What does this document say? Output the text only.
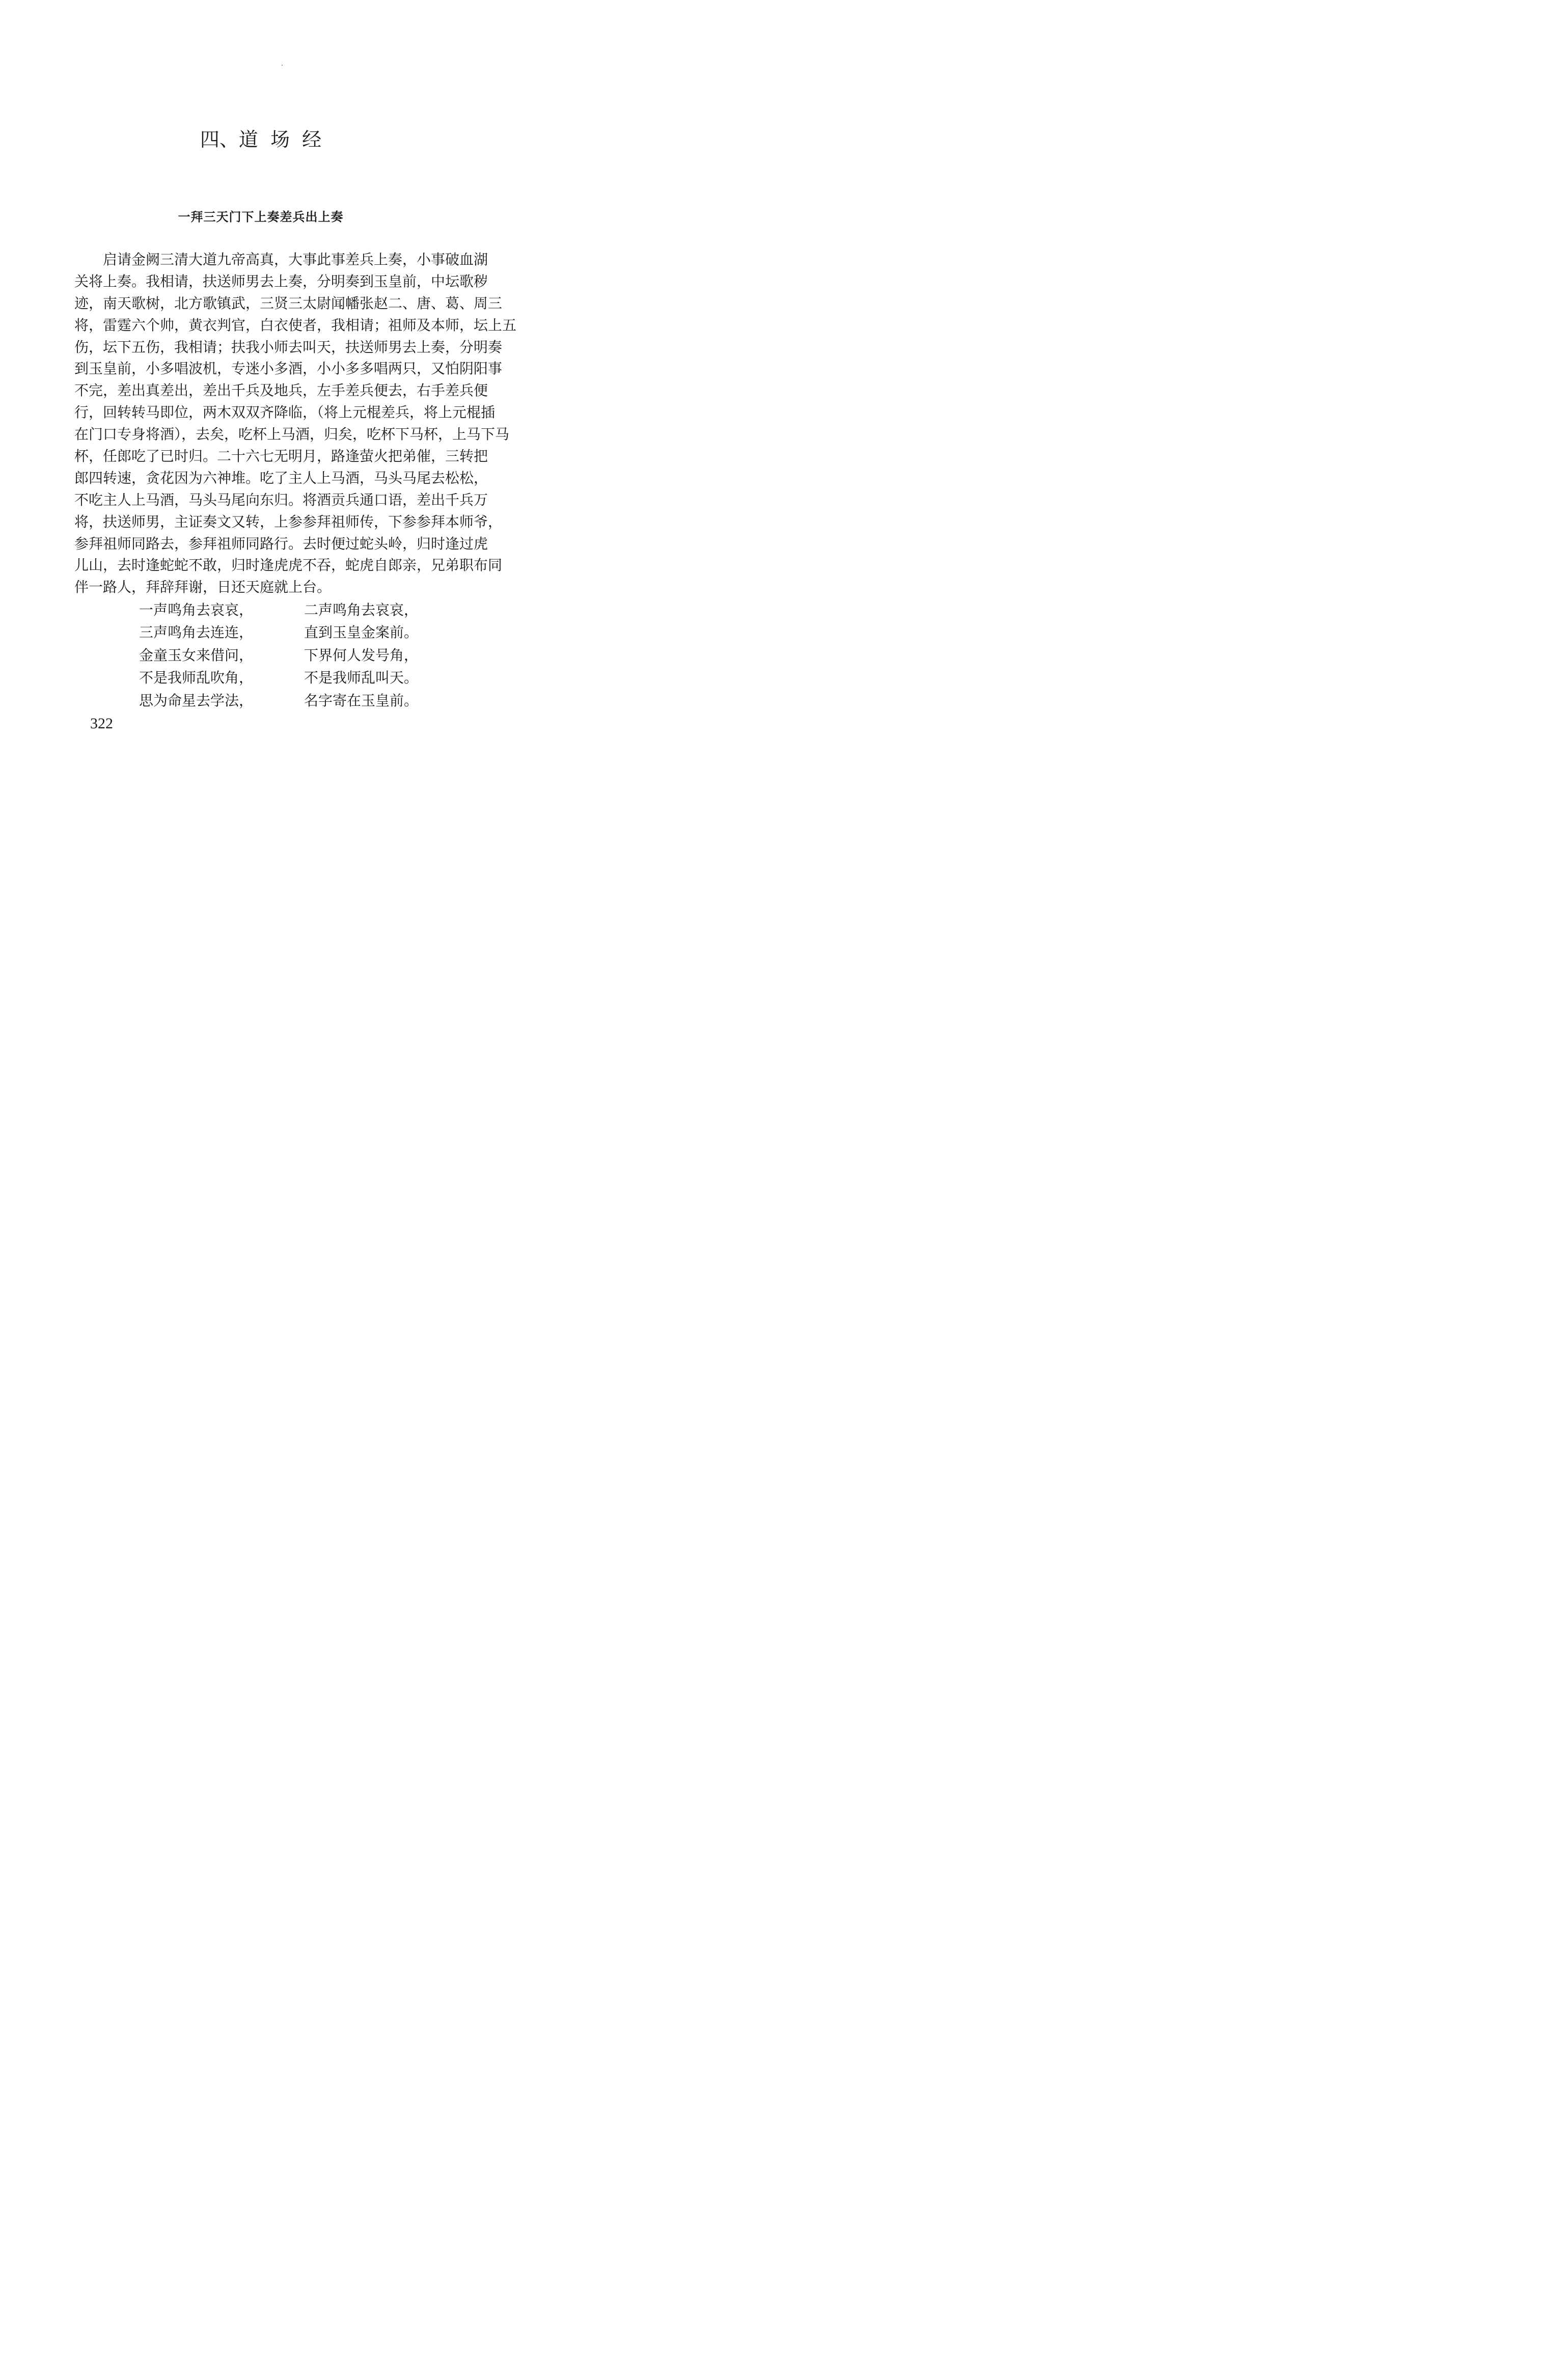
四、道  场  经
一拜三天门下上奏差兵出上奏
启请金阙三清大道九帝高真，大事此事差兵上奏，小事破血湖
关将上奏。我相请，扶送师男去上奏，分明奏到玉皇前，中坛歌秽
迹，南天歌树，北方歌镇武，三贤三太尉闻幡张赵二、唐、葛、周三
将，雷霆六个帅，黄衣判官，白衣使者，我相请；祖师及本师，坛上五
伤，坛下五伤，我相请；扶我小师去叫天，扶送师男去上奏，分明奏
到玉皇前，小多唱波机，专迷小多酒，小小多多唱两只，又怕阴阳事
不完，差出真差出，差出千兵及地兵，左手差兵便去，右手差兵便
行，回转转马即位，两木双双齐降临，（将上元棍差兵，将上元棍插
在门口专身将酒），去矣，吃杯上马酒，归矣，吃杯下马杯，上马下马
杯，任郎吃了已时归。二十六七无明月，路逢萤火把弟催，三转把
郎四转速，贪花因为六神堆。吃了主人上马酒，马头马尾去松松，
不吃主人上马酒，马头马尾向东归。将酒贡兵通口语，差出千兵万
将，扶送师男，主证奏文又转，上参参拜祖师传，下参参拜本师爷，
参拜祖师同路去，参拜祖师同路行。去时便过蛇头岭，归时逢过虎
儿山，去时逢蛇蛇不敢，归时逢虎虎不吞，蛇虎自郎亲，兄弟职布同
伴一路人，拜辞拜谢，日还天庭就上台。
一声鸣角去哀哀，	二声鸣角去哀哀，
三声鸣角去连连，	直到玉皇金案前。
金童玉女来借问，	下界何人发号角，
不是我师乱吹角，	不是我师乱叫天。
思为命星去学法，	名字寄在玉皇前。
322
